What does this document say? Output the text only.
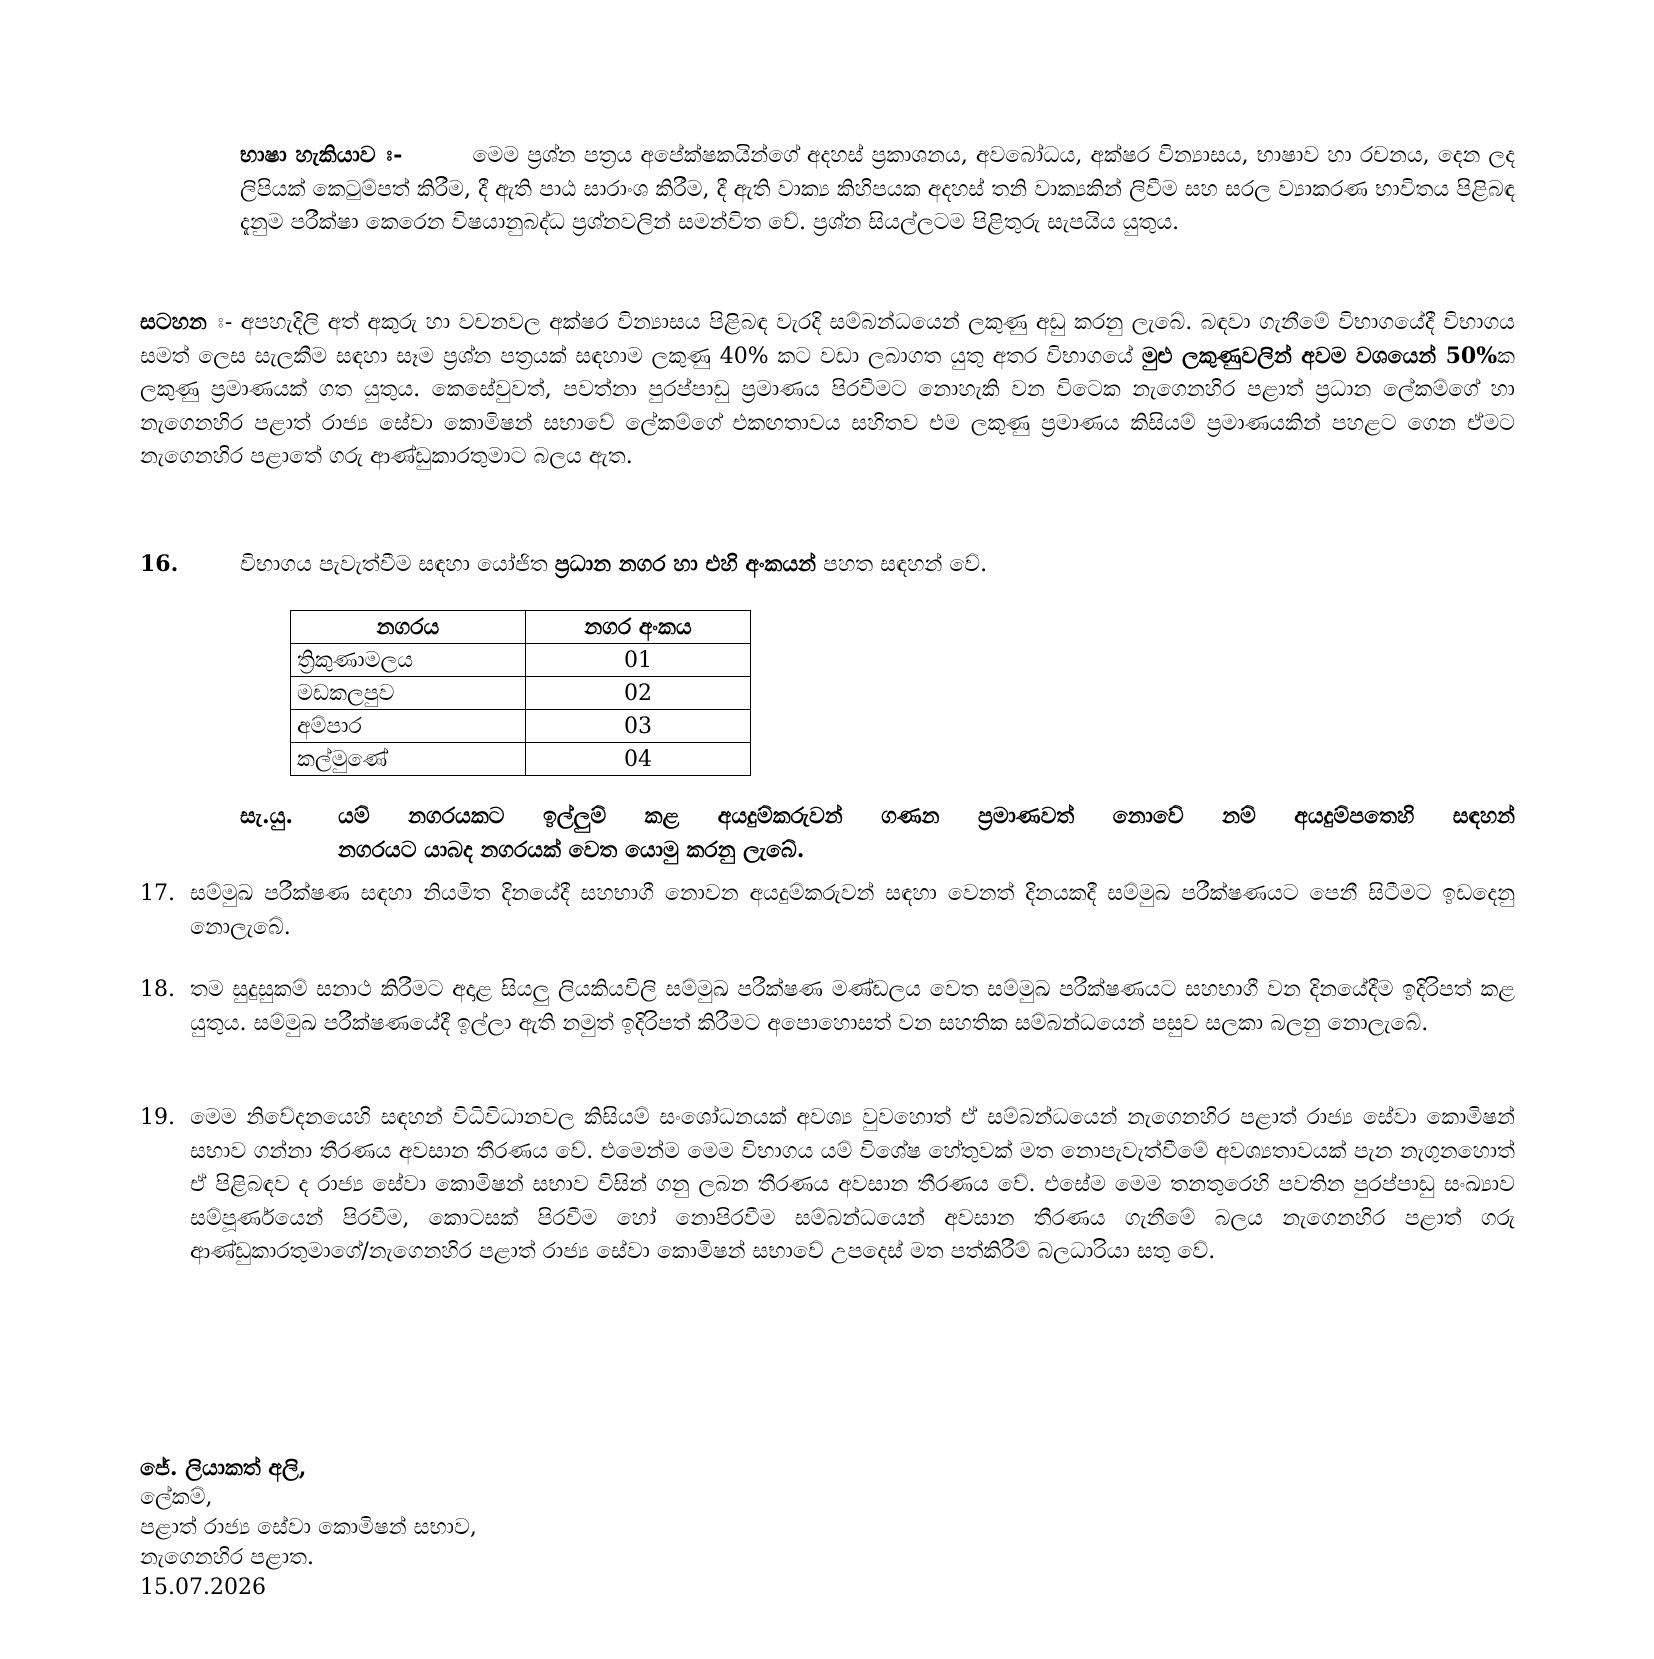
භාෂා හැකියාව ඃ-	මෙම ප්‍රශ්න පත්‍රය අපේක්ෂකයින්ගේ අදහස් ප්‍රකාශනය, අවබෝධය, අක්ෂර වින්‍යාසය, භාෂාව හා රචනය, දෙන ලද ලිපියක් කෙටුම්පත් කිරීම, දී ඇති පාඨ සාරාංශ කිරීම, දී ඇති වාක්‍ය කිහිපයක අදහස් තනි වාක්‍යකින් ලිවීම සහ සරල ව්‍යාකරණ භාවිතය පිළිබඳ දැනුම පරීක්ෂා කෙරෙන විෂයානුබද්ධ ප්‍රශ්නවලින් සමන්විත වේ. ප්‍රශ්න සියල්ලටම පිළිතුරු සැපයිය යුතුය.
සටහන ඃ- අපහැදිලි අත් අකුරු හා වචනවල අක්ෂර වින්‍යාසය පිළිබඳ වැරදි සම්බන්ධයෙන් ලකුණු අඩු කරනු ලැබේ. බඳවා ගැනීමේ විභාගයේදී විභාගය සමත් ලෙස සැලකීම සඳහා සෑම ප්‍රශ්න පත්‍රයක් සඳහාම ලකුණු 40% කට වඩා ලබාගත යුතු අතර විභාගයේ මුළු ලකුණුවලින් අවම වශයෙන් 50%ක ලකුණු ප්‍රමාණයක් ගත යුතුය. කෙසේවුවත්, පවත්නා පුරප්පාඩු ප්‍රමාණය පිරවීමට නොහැකි වන විටෙක නැගෙනහිර පළාත් ප්‍රධාන ලේකම්ගේ හා නැගෙනහිර පළාත් රාජ්‍ය සේවා කොමිෂන් සභාවේ ලේකම්ගේ එකඟතාවය සහිතව එම ලකුණු ප්‍රමාණය කිසියම් ප්‍රමාණයකින් පහළට ගෙන ඒමට නැගෙනහිර පළාතේ ගරු ආණ්ඩුකාරතුමාට බලය ඇත.
16.	විභාගය පැවැත්වීම සඳහා යෝජිත ප්‍රධාන නගර හා එහි අංකයන් පහත සඳහන් වේ.
නගරය	නගර අංකය
ත්‍රිකුණාමලය	01
මඩකලපුව	02
අම්පාර	03
කල්මුණේ	04
සැ.යු. යම් නගරයකට ඉල්ලුම් කළ අයදුම්කරුවන් ගණන ප්‍රමාණවත් නොවේ නම් අයදුම්පතෙහි සඳහන්
නගරයට යාබද නගරයක් වෙත යොමු කරනු ලැබේ.
17. සම්මුඛ පරීක්ෂණ සඳහා නියමිත දිනයේදී සහභාගී නොවන අයදුම්කරුවන් සඳහා වෙනත් දිනයකදී සම්මුඛ පරීක්ෂණයට පෙනී සිටීමට ඉඩදෙනු නොලැබේ.
18. තම සුදුසුකම් සනාථ කිරීමට අදාළ සියලු ලියකියවිලි සම්මුඛ පරීක්ෂණ මණ්ඩලය වෙත සම්මුඛ පරීක්ෂණයට සහභාගී වන දිනයේදීම ඉදිරිපත් කළ යුතුය. සම්මුඛ පරීක්ෂණයේදී ඉල්ලා ඇති නමුත් ඉදිරිපත් කිරීමට අපොහොසත් වන සහතික සම්බන්ධයෙන් පසුව සලකා බලනු නොලැබේ.
19. මෙම නිවේදනයෙහි සඳහන් විධිවිධානවල කිසියම් සංශෝධනයක් අවශ්‍ය වුවහොත් ඒ සම්බන්ධයෙන් නැගෙනහිර පළාත් රාජ්‍ය සේවා කොමිෂන් සභාව ගන්නා තීරණය අවසාන තීරණය වේ. එමෙන්ම මෙම විභාගය යම් විශේෂ හේතුවක් මත නොපැවැත්වීමේ අවශ්‍යතාවයක් පැන නැගුනහොත් ඒ පිළිබඳව ද රාජ්‍ය සේවා කොමිෂන් සභාව විසින් ගනු ලබන තීරණය අවසාන තීරණය වේ. එසේම මෙම තනතුරෙහි පවතින පුරප්පාඩු සංඛ්‍යාව සම්පූර්ණයෙන් පිරවීම, කොටසක් පිරවීම හෝ නොපිරවීම සම්බන්ධයෙන් අවසාන තීරණය ගැනීමේ බලය නැගෙනහිර පළාත් ගරු ආණ්ඩුකාරතුමාගේ/නැගෙනහිර පළාත් රාජ්‍ය සේවා කොමිෂන් සභාවේ උපදෙස් මත පත්කිරීම් බලධාරියා සතු වේ.
ජේ. ලියාකත් අලි,
ලේකම්,
පළාත් රාජ්‍ය සේවා කොමිෂන් සභාව,
නැගෙනහිර පළාත.
15.07.2026
